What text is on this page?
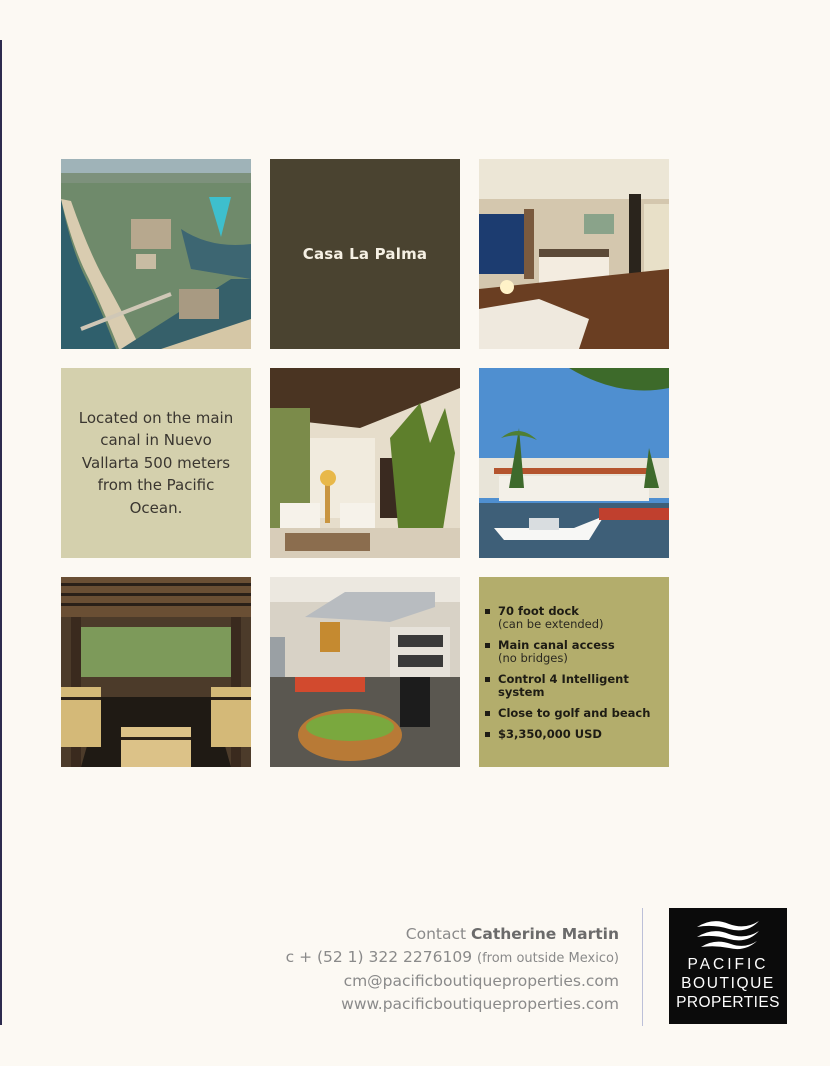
Casa La Palma
Located on the main canal in Nuevo Vallarta 500 meters from the Pacific Ocean.
70 foot dock
(can be extended)
Main canal access
(no bridges)
Control 4 Intelligent system
Close to golf and beach
$3,350,000 USD
Contact Catherine Martin
c + (52 1) 322 2276109 (from outside Mexico)
cm@pacificboutiqueproperties.com
www.pacificboutiqueproperties.com
PACIFIC
BOUTIQUE
PROPERTIES
